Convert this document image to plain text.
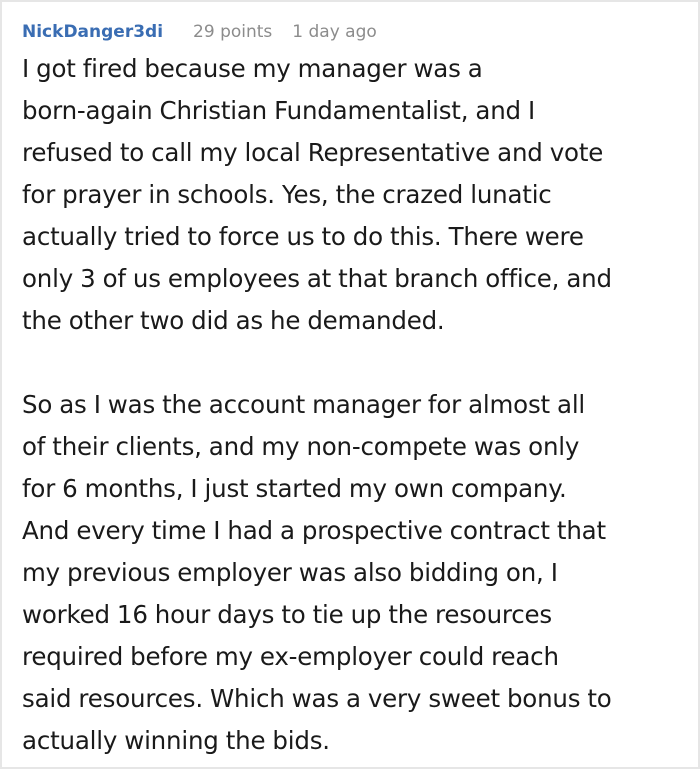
NickDanger3di 29 points 1 day ago

I got fired because my manager was a
born-again Christian Fundamentalist, and I
refused to call my local Representative and vote
for prayer in schools. Yes, the crazed lunatic
actually tried to force us to do this. There were
only 3 of us employees at that branch office, and
the other two did as he demanded.

So as I was the account manager for almost all
of their clients, and my non-compete was only
for 6 months, I just started my own company.
And every time I had a prospective contract that
my previous employer was also bidding on, I
worked 16 hour days to tie up the resources
required before my ex-employer could reach
said resources. Which was a very sweet bonus to
actually winning the bids.
